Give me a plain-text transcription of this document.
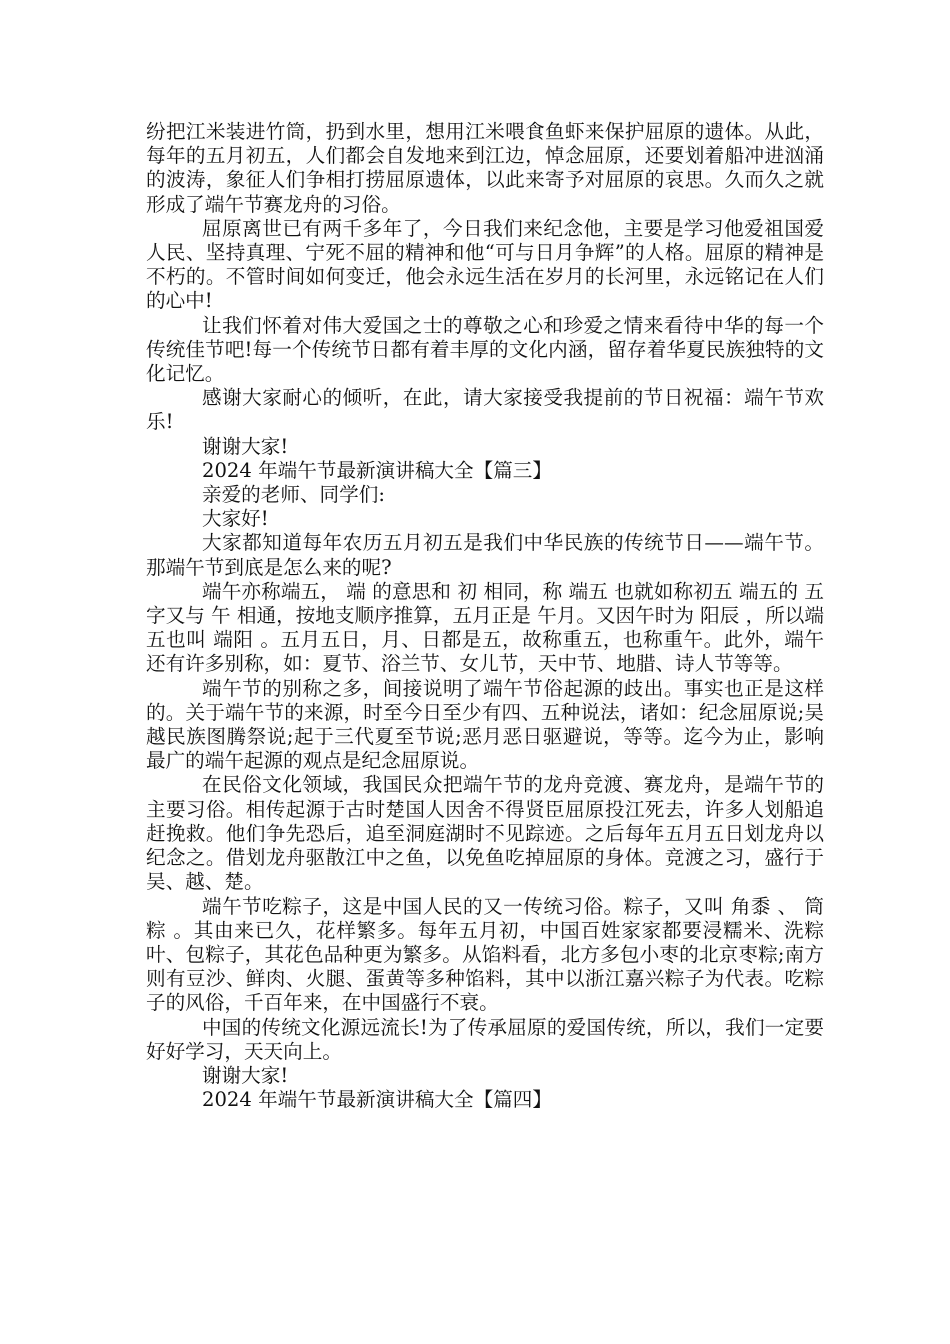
纷把江米装进竹筒，扔到水里，想用江米喂食鱼虾来保护屈原的遗体。从此，每年的五月初五，人们都会自发地来到江边，悼念屈原，还要划着船冲进汹涌的波涛，象征人们争相打捞屈原遗体，以此来寄予对屈原的哀思。久而久之就形成了端午节赛龙舟的习俗。

屈原离世已有两千多年了，今日我们来纪念他，主要是学习他爱祖国爱人民、坚持真理、宁死不屈的精神和他“可与日月争辉”的人格。屈原的精神是不朽的。不管时间如何变迁，他会永远生活在岁月的长河里，永远铭记在人们的心中!

让我们怀着对伟大爱国之士的尊敬之心和珍爱之情来看待中华的每一个传统佳节吧!每一个传统节日都有着丰厚的文化内涵，留存着华夏民族独特的文化记忆。

感谢大家耐心的倾听，在此，请大家接受我提前的节日祝福：端午节欢乐!

谢谢大家!

2024 年端午节最新演讲稿大全【篇三】

亲爱的老师、同学们:

大家好!

大家都知道每年农历五月初五是我们中华民族的传统节日——端午节。那端午节到底是怎么来的呢?

端午亦称端五， 端 的意思和 初 相同，称 端五 也就如称初五 端五的 五 字又与 午 相通，按地支顺序推算，五月正是 午月。又因午时为 阳辰 ，所以端五也叫 端阳 。五月五日，月、日都是五，故称重五，也称重午。此外，端午还有许多别称，如：夏节、浴兰节、女儿节，天中节、地腊、诗人节等等。

端午节的别称之多，间接说明了端午节俗起源的歧出。事实也正是这样的。关于端午节的来源，时至今日至少有四、五种说法，诸如：纪念屈原说;吴越民族图腾祭说;起于三代夏至节说;恶月恶日驱避说，等等。迄今为止，影响最广的端午起源的观点是纪念屈原说。

在民俗文化领域，我国民众把端午节的龙舟竞渡、赛龙舟，是端午节的主要习俗。相传起源于古时楚国人因舍不得贤臣屈原投江死去，许多人划船追赶挽救。他们争先恐后，追至洞庭湖时不见踪迹。之后每年五月五日划龙舟以纪念之。借划龙舟驱散江中之鱼，以免鱼吃掉屈原的身体。竞渡之习，盛行于吴、越、楚。

端午节吃粽子，这是中国人民的又一传统习俗。粽子，又叫 角黍 、 筒粽 。其由来已久，花样繁多。每年五月初，中国百姓家家都要浸糯米、洗粽叶、包粽子，其花色品种更为繁多。从馅料看，北方多包小枣的北京枣粽;南方则有豆沙、鲜肉、火腿、蛋黄等多种馅料，其中以浙江嘉兴粽子为代表。吃粽子的风俗，千百年来，在中国盛行不衰。

中国的传统文化源远流长!为了传承屈原的爱国传统，所以，我们一定要好好学习，天天向上。

谢谢大家!

2024 年端午节最新演讲稿大全【篇四】
